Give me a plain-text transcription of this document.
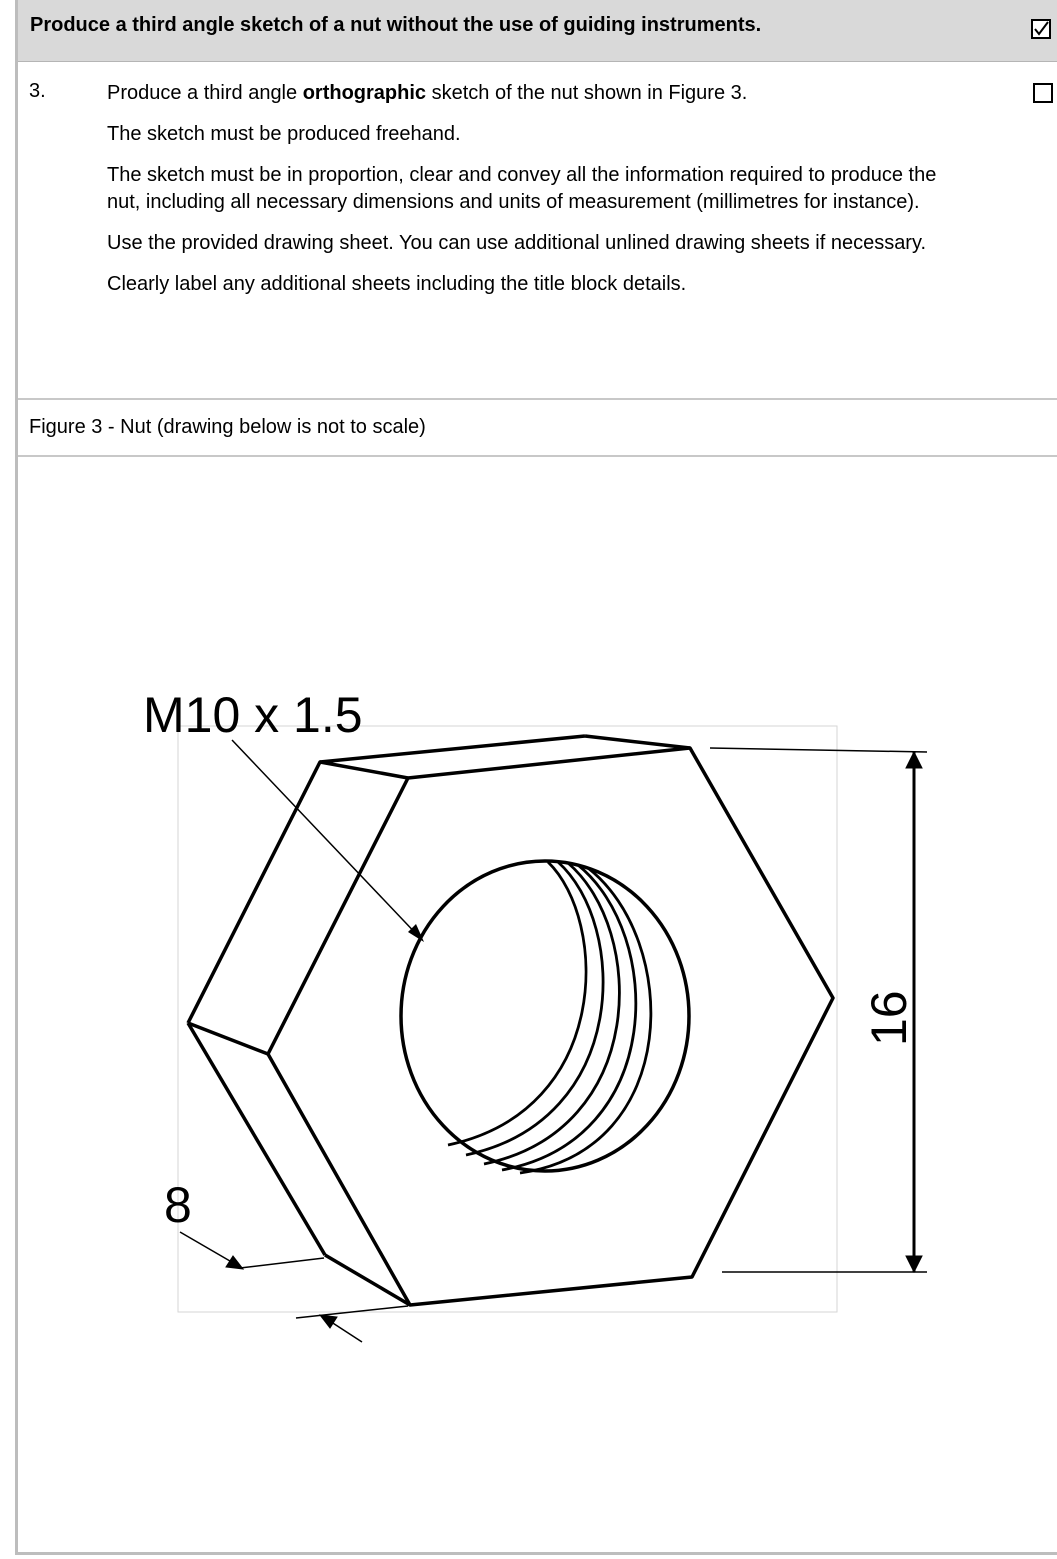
Produce a third angle sketch of a nut without the use of guiding instruments.
3.	Produce a third angle orthographic sketch of the nut shown in Figure 3.

The sketch must be produced freehand.

The sketch must be in proportion, clear and convey all the information required to produce the nut, including all necessary dimensions and units of measurement (millimetres for instance).

Use the provided drawing sheet. You can use additional unlined drawing sheets if necessary.

Clearly label any additional sheets including the title block details.

Figure 3 - Nut (drawing below is not to scale)
M10 x 1.5
16
8
